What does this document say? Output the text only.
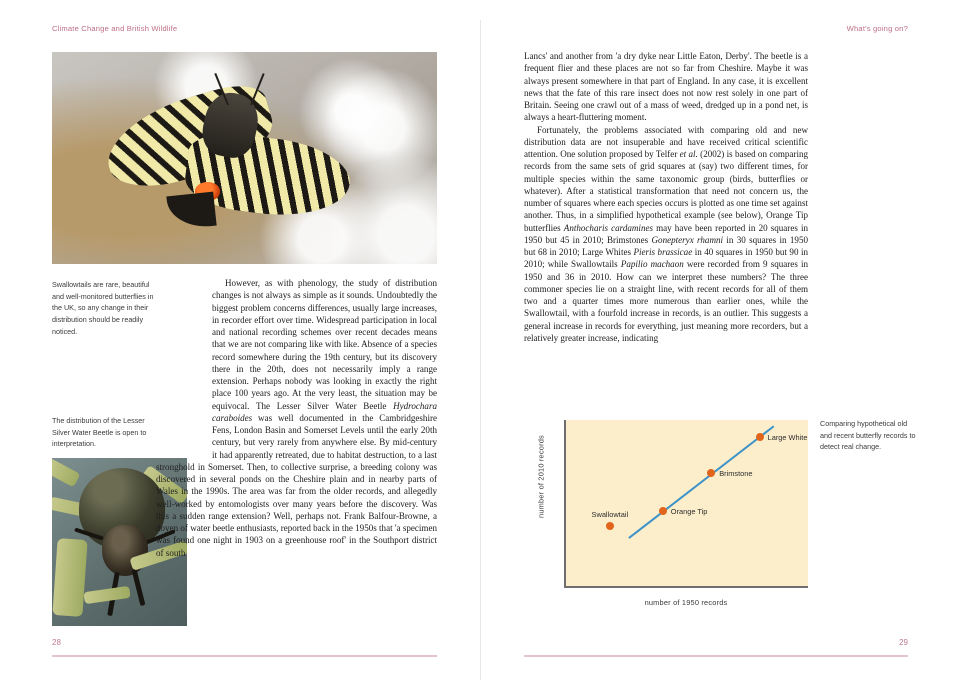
Climate Change and British Wildlife	What's going on?
Swallowtails are rare, beautiful and well-monitored butterflies in the UK, so any change in their distribution should be readily noticed.
The distribution of the Lesser Silver Water Beetle is open to interpretation.

However, as with phenology, the study of distribution changes is not always as simple as it sounds. Undoubtedly the biggest problem concerns differences, usually large increases, in recorder effort over time. Widespread participation in local and national recording schemes over recent decades means that we are not comparing like with like. Absence of a species record somewhere during the 19th century, but its discovery there in the 20th, does not necessarily imply a range extension. Perhaps nobody was looking in exactly the right place 100 years ago. At the very least, the situation may be equivocal. The Lesser Silver Water Beetle Hydrochara caraboides was well documented in the Cambridgeshire Fens, London Basin and Somerset Levels until the early 20th century, but very rarely from anywhere else. By mid-century it had apparently retreated, due to habitat destruction, to a last stronghold in Somerset. Then, to collective surprise, a breeding colony was discovered in several ponds on the Cheshire plain and in nearby parts of Wales in the 1990s. The area was far from the older records, and allegedly well-worked by entomologists over many years before the discovery. Was this a sudden range extension? Well, perhaps not. Frank Balfour-Browne, a doyen of water beetle enthusiasts, reported back in the 1950s that 'a specimen was found one night in 1903 on a greenhouse roof' in the Southport district of south

28

Lancs' and another from 'a dry dyke near Little Eaton, Derby'. The beetle is a frequent flier and these places are not so far from Cheshire. Maybe it was always present somewhere in that part of England. In any case, it is excellent news that the fate of this rare insect does not now rest solely in one part of Britain. Seeing one crawl out of a mass of weed, dredged up in a pond net, is always a heart-fluttering moment.

Fortunately, the problems associated with comparing old and new distribution data are not insuperable and have received critical scientific attention. One solution proposed by Telfer et al. (2002) is based on comparing records from the same sets of grid squares at (say) two different times, for multiple species within the same taxonomic group (birds, butterflies or whatever). After a statistical transformation that need not concern us, the number of squares where each species occurs is plotted as one time set against another. Thus, in a simplified hypothetical example (see below), Orange Tip butterflies Anthocharis cardamines may have been reported in 20 squares in 1950 but 45 in 2010; Brimstones Gonepteryx rhamni in 30 squares in 1950 but 68 in 2010; Large Whites Pieris brassicae in 40 squares in 1950 but 90 in 2010; while Swallowtails Papilio machaon were recorded from 9 squares in 1950 and 36 in 2010. How can we interpret these numbers? The three commoner species lie on a straight line, with recent records for all of them two and a quarter times more numerous than earlier ones, while the Swallowtail, with a fourfold increase in records, is an outlier. This suggests a general increase in records for everything, just meaning more recorders, but a relatively greater increase, indicating

number of 2010 records	Swallowtail	Orange Tip
Brimstone
Large White
number of 1950 records
Comparing hypothetical old and recent butterfly records to detect real change.
29
